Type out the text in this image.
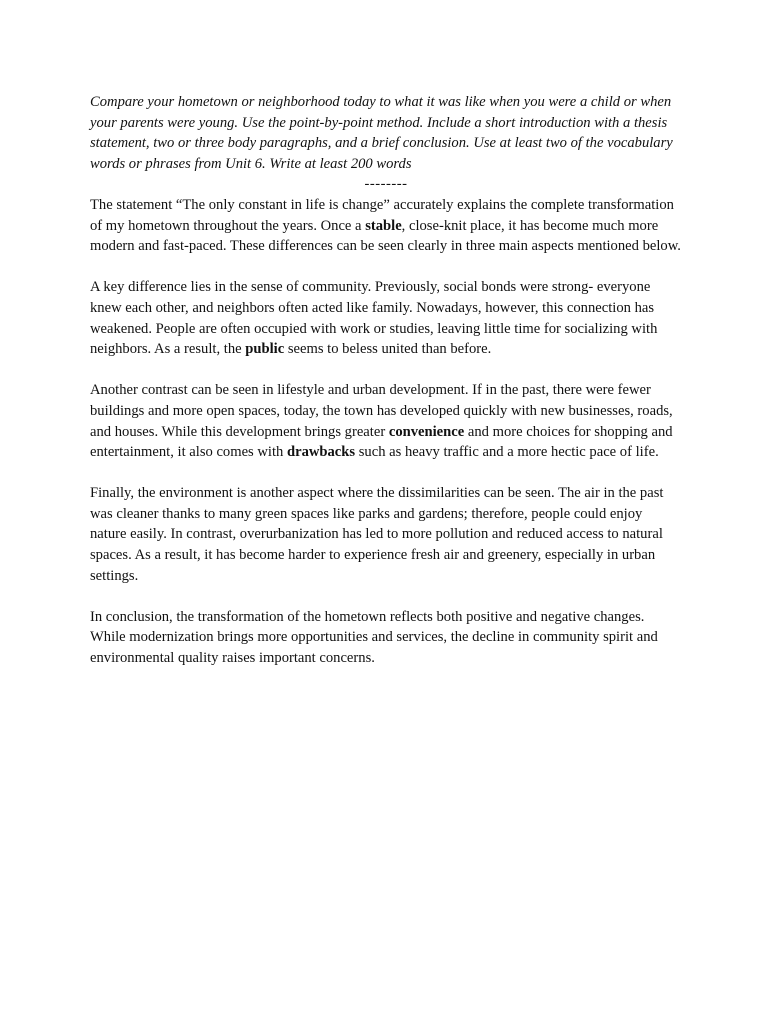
Compare your hometown or neighborhood today to what it was like when you were a child or when your parents were young. Use the point-by-point method. Include a short introduction with a thesis statement, two or three body paragraphs, and a brief conclusion. Use at least two of the vocabulary words or phrases from Unit 6. Write at least 200 words

--------

The statement “The only constant in life is change” accurately explains the complete transformation of my hometown throughout the years. Once a stable, close-knit place, it has become much more modern and fast-paced. These differences can be seen clearly in three main aspects mentioned below.

A key difference lies in the sense of community. Previously, social bonds were strong- everyone knew each other, and neighbors often acted like family. Nowadays, however, this connection has weakened. People are often occupied with work or studies, leaving little time for socializing with neighbors. As a result, the public seems to beless united than before.

Another contrast can be seen in lifestyle and urban development. If in the past, there were fewer buildings and more open spaces, today, the town has developed quickly with new businesses, roads, and houses. While this development brings greater convenience and more choices for shopping and entertainment, it also comes with drawbacks such as heavy traffic and a more hectic pace of life.

Finally, the environment is another aspect where the dissimilarities can be seen. The air in the past was cleaner thanks to many green spaces like parks and gardens; therefore, people could enjoy nature easily. In contrast, overurbanization has led to more pollution and reduced access to natural spaces. As a result, it has become harder to experience fresh air and greenery, especially in urban settings.

In conclusion, the transformation of the hometown reflects both positive and negative changes. While modernization brings more opportunities and services, the decline in community spirit and environmental quality raises important concerns.
